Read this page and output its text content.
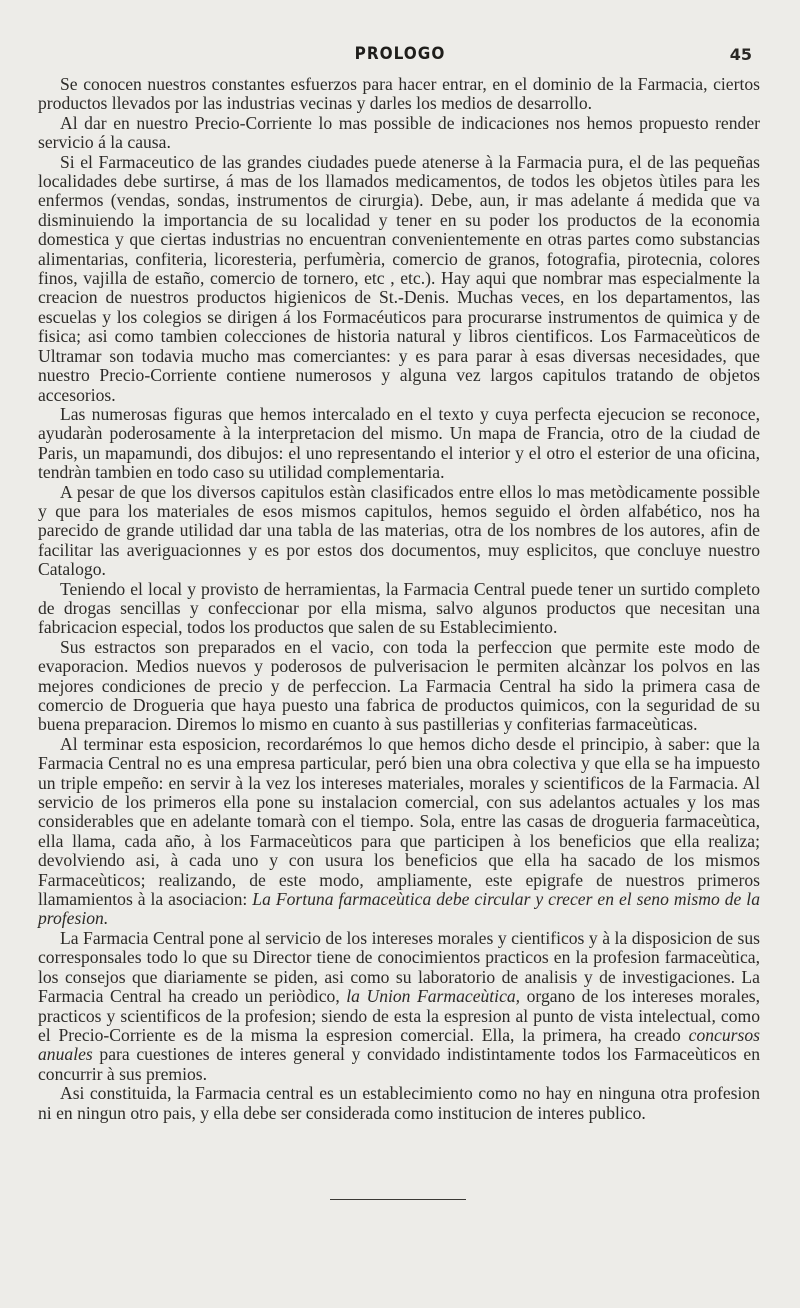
PROLOGO	45

Se conocen nuestros constantes esfuerzos para hacer entrar, en el dominio de la Farmacia, ciertos productos llevados por las industrias vecinas y darles los medios de desarrollo.

Al dar en nuestro Precio-Corriente lo mas possible de indicaciones nos hemos propuesto render servicio á la causa.

Si el Farmaceutico de las grandes ciudades puede atenerse à la Farmacia pura, el de las pequeñas localidades debe surtirse, á mas de los llamados medicamentos, de todos les objetos ùtiles para les enfermos (vendas, sondas, instrumentos de cirurgia). Debe, aun, ir mas adelante á medida que va disminuiendo la importancia de su localidad y tener en su poder los productos de la economia domestica y que ciertas industrias no encuentran convenientemente en otras partes como substancias alimentarias, confiteria, licoresteria, perfumèria, comercio de granos, fotografia, pirotecnia, colores finos, vajilla de estaño, comercio de tornero, etc , etc.). Hay aqui que nombrar mas especialmente la creacion de nuestros productos higienicos de St.-Denis. Muchas veces, en los departamentos, las escuelas y los colegios se dirigen á los Formacéuticos para procurarse instrumentos de quimica y de fisica; asi como tambien colecciones de historia natural y libros cientificos. Los Farmaceùticos de Ultramar son todavia mucho mas comerciantes: y es para parar à esas diversas necesidades, que nuestro Precio-Corriente contiene numerosos y alguna vez largos capitulos tratando de objetos accesorios.

Las numerosas figuras que hemos intercalado en el texto y cuya perfecta ejecucion se reconoce, ayudaràn poderosamente à la interpretacion del mismo. Un mapa de Francia, otro de la ciudad de Paris, un mapamundi, dos dibujos: el uno representando el interior y el otro el esterior de una oficina, tendràn tambien en todo caso su utilidad complementaria.

A pesar de que los diversos capitulos estàn clasificados entre ellos lo mas metòdicamente possible y que para los materiales de esos mismos capitulos, hemos seguido el òrden alfabético, nos ha parecido de grande utilidad dar una tabla de las materias, otra de los nombres de los autores, afin de facilitar las averiguacionnes y es por estos dos documentos, muy esplicitos, que concluye nuestro Catalogo.

Teniendo el local y provisto de herramientas, la Farmacia Central puede tener un surtido completo de drogas sencillas y confeccionar por ella misma, salvo algunos productos que necesitan una fabricacion especial, todos los productos que salen de su Establecimiento.

Sus estractos son preparados en el vacio, con toda la perfeccion que permite este modo de evaporacion. Medios nuevos y poderosos de pulverisacion le permiten alcànzar los polvos en las mejores condiciones de precio y de perfeccion. La Farmacia Central ha sido la primera casa de comercio de Drogueria que haya puesto una fabrica de productos quimicos, con la seguridad de su buena preparacion. Diremos lo mismo en cuanto à sus pastillerias y confiterias farmaceùticas.

Al terminar esta esposicion, recordarémos lo que hemos dicho desde el principio, à saber: que la Farmacia Central no es una empresa particular, peró bien una obra colectiva y que ella se ha impuesto un triple empeño: en servir à la vez los intereses materiales, morales y scientificos de la Farmacia. Al servicio de los primeros ella pone su instalacion comercial, con sus adelantos actuales y los mas considerables que en adelante tomarà con el tiempo. Sola, entre las casas de drogueria farmaceùtica, ella llama, cada año, à los Farmaceùticos para que participen à los beneficios que ella realiza; devolviendo asi, à cada uno y con usura los beneficios que ella ha sacado de los mismos Farmaceùticos; realizando, de este modo, ampliamente, este epigrafe de nuestros primeros llamamientos à la asociacion: La Fortuna farmaceùtica debe circular y crecer en el seno mismo de la profesion.

La Farmacia Central pone al servicio de los intereses morales y cientificos y à la disposicion de sus corresponsales todo lo que su Director tiene de conocimientos practicos en la profesion farmaceùtica, los consejos que diariamente se piden, asi como su laboratorio de analisis y de investigaciones. La Farmacia Central ha creado un periòdico, la Union Farmaceùtica, organo de los intereses morales, practicos y scientificos de la profesion; siendo de esta la espresion al punto de vista intelectual, como el Precio-Corriente es de la misma la espresion comercial. Ella, la primera, ha creado concursos anuales para cuestiones de interes general y convidado indistintamente todos los Farmaceùticos en concurrir à sus premios.

Asi constituida, la Farmacia central es un establecimiento como no hay en ninguna otra profesion ni en ningun otro pais, y ella debe ser considerada como institucion de interes publico.
